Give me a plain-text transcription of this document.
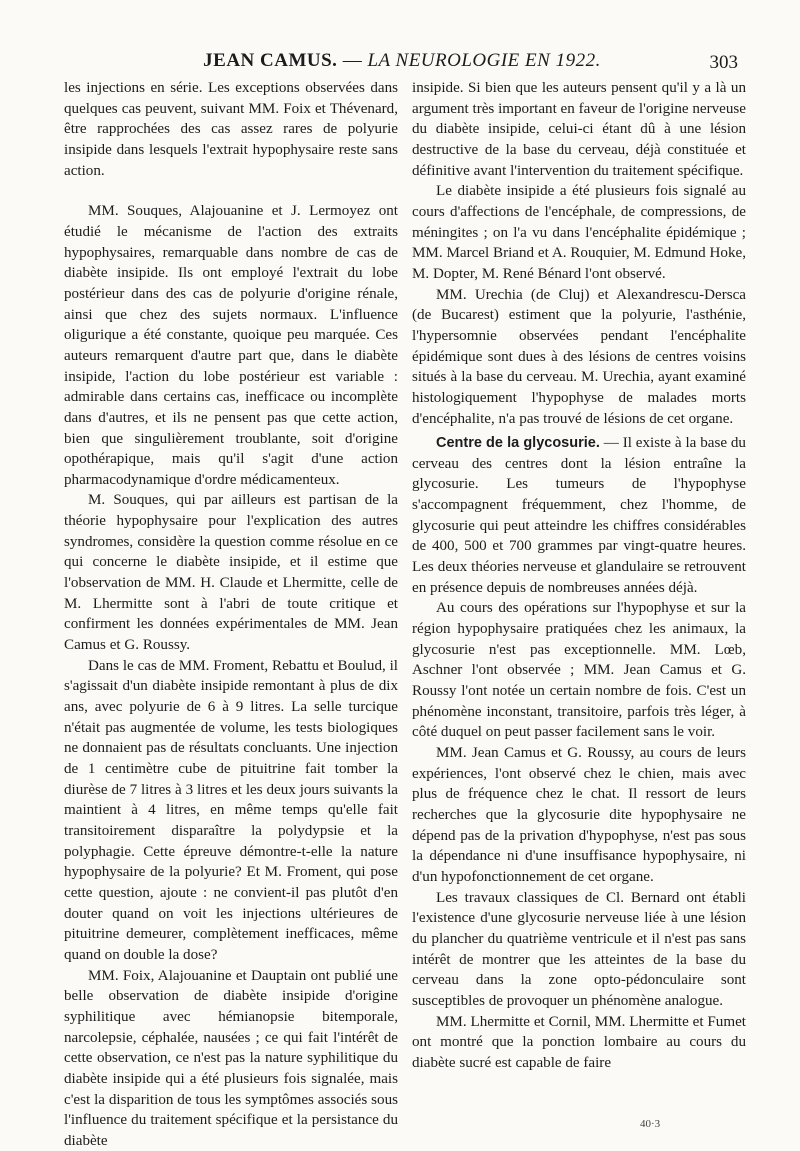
JEAN CAMUS. — LA NEUROLOGIE EN 1922.	303

les injections en série. Les exceptions observées dans quelques cas peuvent, suivant MM. Foix et Thévenard, être rapprochées des cas assez rares de polyurie insipide dans lesquels l'extrait hypophysaire reste sans action.

MM. Souques, Alajouanine et J. Lermoyez ont étudié le mécanisme de l'action des extraits hypophysaires, remarquable dans nombre de cas de diabète insipide. Ils ont employé l'extrait du lobe postérieur dans des cas de polyurie d'origine rénale, ainsi que chez des sujets normaux. L'influence oligurique a été constante, quoique peu marquée. Ces auteurs remarquent d'autre part que, dans le diabète insipide, l'action du lobe postérieur est variable : admirable dans certains cas, inefficace ou incomplète dans d'autres, et ils ne pensent pas que cette action, bien que singulièrement troublante, soit d'origine opothérapique, mais qu'il s'agit d'une action pharmacodynamique d'ordre médicamenteux.

M. Souques, qui par ailleurs est partisan de la théorie hypophysaire pour l'explication des autres syndromes, considère la question comme résolue en ce qui concerne le diabète insipide, et il estime que l'observation de MM. H. Claude et Lhermitte, celle de M. Lhermitte sont à l'abri de toute critique et confirment les données expérimentales de MM. Jean Camus et G. Roussy.

Dans le cas de MM. Froment, Rebattu et Boulud, il s'agissait d'un diabète insipide remontant à plus de dix ans, avec polyurie de 6 à 9 litres. La selle turcique n'était pas augmentée de volume, les tests biologiques ne donnaient pas de résultats concluants. Une injection de 1 centimètre cube de pituitrine fait tomber la diurèse de 7 litres à 3 litres et les deux jours suivants la maintient à 4 litres, en même temps qu'elle fait transitoirement disparaître la polydypsie et la polyphagie. Cette épreuve démontre-t-elle la nature hypophysaire de la polyurie? Et M. Froment, qui pose cette question, ajoute : ne convient-il pas plutôt d'en douter quand on voit les injections ultérieures de pituitrine demeurer, complètement inefficaces, même quand on double la dose?

MM. Foix, Alajouanine et Dauptain ont publié une belle observation de diabète insipide d'origine syphilitique avec hémianopsie bitemporale, narcolepsie, céphalée, nausées ; ce qui fait l'intérêt de cette observation, ce n'est pas la nature syphilitique du diabète insipide qui a été plusieurs fois signalée, mais c'est la disparition de tous les symptômes associés sous l'influence du traitement spécifique et la persistance du diabète

insipide. Si bien que les auteurs pensent qu'il y a là un argument très important en faveur de l'origine nerveuse du diabète insipide, celui-ci étant dû à une lésion destructive de la base du cerveau, déjà constituée et définitive avant l'intervention du traitement spécifique.

Le diabète insipide a été plusieurs fois signalé au cours d'affections de l'encéphale, de compressions, de méningites ; on l'a vu dans l'encéphalite épidémique ; MM. Marcel Briand et A. Rouquier, M. Edmund Hoke, M. Dopter, M. René Bénard l'ont observé.

MM. Urechia (de Cluj) et Alexandrescu-Dersca (de Bucarest) estiment que la polyurie, l'asthénie, l'hypersomnie observées pendant l'encéphalite épidémique sont dues à des lésions de centres voisins situés à la base du cerveau. M. Urechia, ayant examiné histologiquement l'hypophyse de malades morts d'encéphalite, n'a pas trouvé de lésions de cet organe.

Centre de la glycosurie. — Il existe à la base du cerveau des centres dont la lésion entraîne la glycosurie. Les tumeurs de l'hypophyse s'accompagnent fréquemment, chez l'homme, de glycosurie qui peut atteindre les chiffres considérables de 400, 500 et 700 grammes par vingt-quatre heures. Les deux théories nerveuse et glandulaire se retrouvent en présence depuis de nombreuses années déjà.

Au cours des opérations sur l'hypophyse et sur la région hypophysaire pratiquées chez les animaux, la glycosurie n'est pas exceptionnelle. MM. Lœb, Aschner l'ont observée ; MM. Jean Camus et G. Roussy l'ont notée un certain nombre de fois. C'est un phénomène inconstant, transitoire, parfois très léger, à côté duquel on peut passer facilement sans le voir.

MM. Jean Camus et G. Roussy, au cours de leurs expériences, l'ont observé chez le chien, mais avec plus de fréquence chez le chat. Il ressort de leurs recherches que la glycosurie dite hypophysaire ne dépend pas de la privation d'hypophyse, n'est pas sous la dépendance ni d'une insuffisance hypophysaire, ni d'un hypofonctionnement de cet organe.

Les travaux classiques de Cl. Bernard ont établi l'existence d'une glycosurie nerveuse liée à une lésion du plancher du quatrième ventricule et il n'est pas sans intérêt de montrer que les atteintes de la base du cerveau dans la zone opto-pédonculaire sont susceptibles de provoquer un phénomène analogue.

MM. Lhermitte et Cornil, MM. Lhermitte et Fumet ont montré que la ponction lombaire au cours du diabète sucré est capable de faire

40·3
